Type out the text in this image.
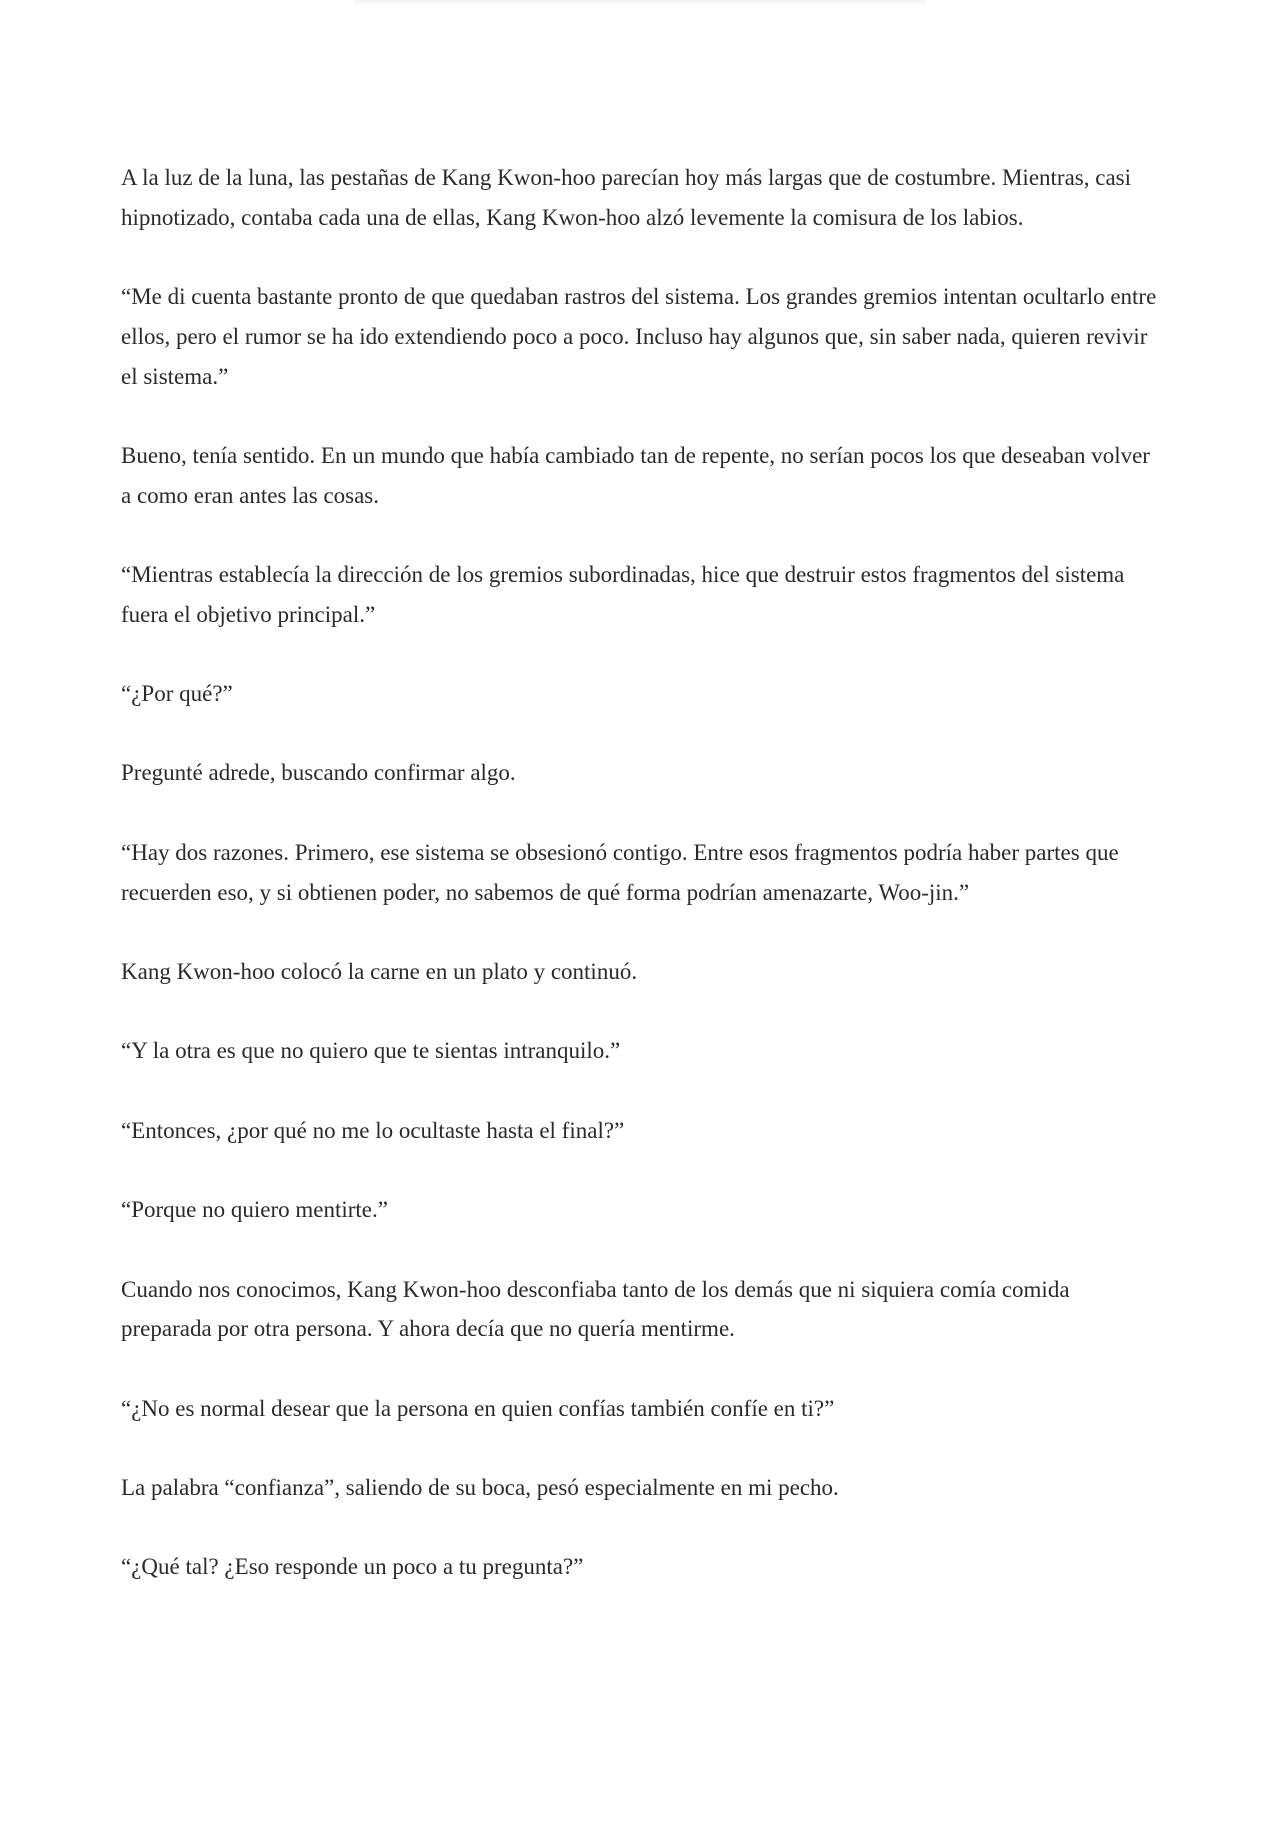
A la luz de la luna, las pestañas de Kang Kwon-hoo parecían hoy más largas que de costumbre. Mientras, casi hipnotizado, contaba cada una de ellas, Kang Kwon-hoo alzó levemente la comisura de los labios.

“Me di cuenta bastante pronto de que quedaban rastros del sistema. Los grandes gremios intentan ocultarlo entre ellos, pero el rumor se ha ido extendiendo poco a poco. Incluso hay algunos que, sin saber nada, quieren revivir el sistema.”

Bueno, tenía sentido. En un mundo que había cambiado tan de repente, no serían pocos los que deseaban volver a como eran antes las cosas.

“Mientras establecía la dirección de los gremios subordinadas, hice que destruir estos fragmentos del sistema fuera el objetivo principal.”

“¿Por qué?”

Pregunté adrede, buscando confirmar algo.

“Hay dos razones. Primero, ese sistema se obsesionó contigo. Entre esos fragmentos podría haber partes que recuerden eso, y si obtienen poder, no sabemos de qué forma podrían amenazarte, Woo-jin.”

Kang Kwon-hoo colocó la carne en un plato y continuó.

“Y la otra es que no quiero que te sientas intranquilo.”

“Entonces, ¿por qué no me lo ocultaste hasta el final?”

“Porque no quiero mentirte.”

Cuando nos conocimos, Kang Kwon-hoo desconfiaba tanto de los demás que ni siquiera comía comida preparada por otra persona. Y ahora decía que no quería mentirme.

“¿No es normal desear que la persona en quien confías también confíe en ti?”

La palabra “confianza”, saliendo de su boca, pesó especialmente en mi pecho.

“¿Qué tal? ¿Eso responde un poco a tu pregunta?”
